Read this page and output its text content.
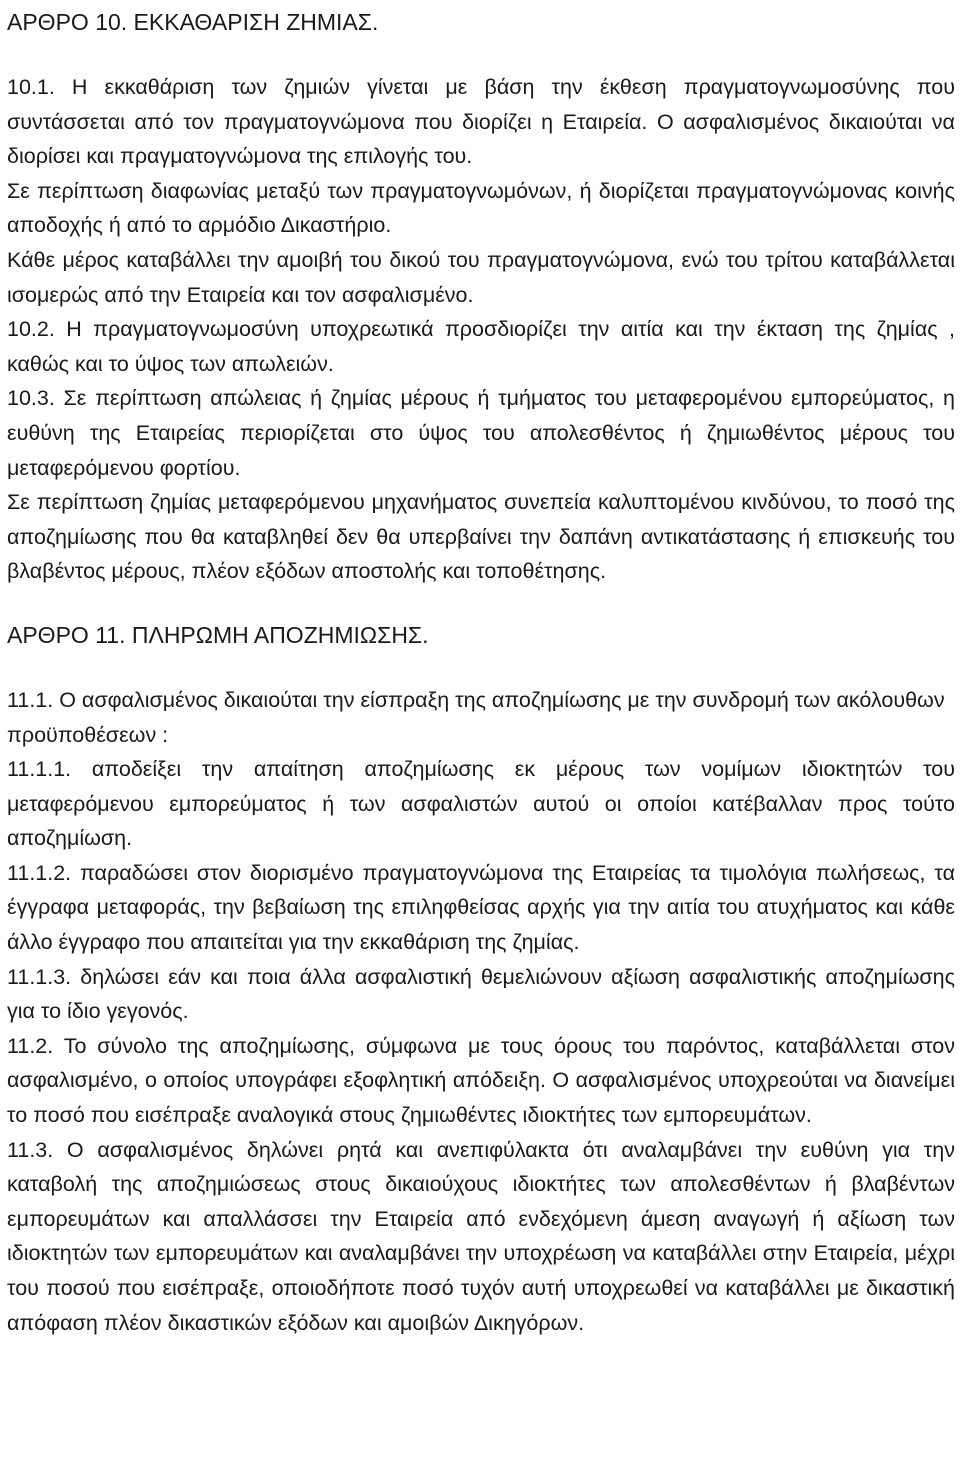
ΑΡΘΡΟ 10. ΕΚΚΑΘΑΡΙΣΗ ΖΗΜΙΑΣ.

10.1. Η εκκαθάριση των ζημιών γίνεται με βάση την έκθεση πραγματογνωμοσύνης που συντάσσεται από τον πραγματογνώμονα που διορίζει η Εταιρεία. Ο ασφαλισμένος δικαιούται να διορίσει και πραγματογνώμονα της επιλογής του.

Σε περίπτωση διαφωνίας μεταξύ των πραγματογνωμόνων, ή διορίζεται πραγματογνώμονας κοινής αποδοχής ή από το αρμόδιο Δικαστήριο.

Κάθε μέρος καταβάλλει την αμοιβή του δικού του πραγματογνώμονα, ενώ του τρίτου καταβάλλεται ισομερώς από την Εταιρεία και τον ασφαλισμένο.

10.2. Η πραγματογνωμοσύνη υποχρεωτικά προσδιορίζει την αιτία και την έκταση της ζημίας , καθώς και το ύψος των απωλειών.

10.3. Σε περίπτωση απώλειας ή ζημίας μέρους ή τμήματος του μεταφερομένου εμπορεύματος, η ευθύνη της Εταιρείας περιορίζεται στο ύψος του απολεσθέντος ή ζημιωθέντος μέρους του μεταφερόμενου φορτίου.

Σε περίπτωση ζημίας μεταφερόμενου μηχανήματος συνεπεία καλυπτομένου κινδύνου, το ποσό της αποζημίωσης που θα καταβληθεί δεν θα υπερβαίνει την δαπάνη αντικατάστασης ή επισκευής του βλαβέντος μέρους, πλέον εξόδων αποστολής και τοποθέτησης.

ΑΡΘΡΟ 11. ΠΛΗΡΩΜΗ ΑΠΟΖΗΜΙΩΣΗΣ.

11.1. Ο ασφαλισμένος δικαιούται την είσπραξη της αποζημίωσης με την συνδρομή των ακόλουθων προϋποθέσεων :

11.1.1. αποδείξει την απαίτηση αποζημίωσης εκ μέρους των νομίμων ιδιοκτητών του μεταφερόμενου εμπορεύματος ή των ασφαλιστών αυτού οι οποίοι κατέβαλλαν προς τούτο αποζημίωση.

11.1.2. παραδώσει στον διορισμένο πραγματογνώμονα της Εταιρείας τα τιμολόγια πωλήσεως, τα έγγραφα μεταφοράς, την βεβαίωση της επιληφθείσας αρχής για την αιτία του ατυχήματος και κάθε άλλο έγγραφο που απαιτείται για την εκκαθάριση της ζημίας.

11.1.3. δηλώσει εάν και ποια άλλα ασφαλιστική θεμελιώνουν αξίωση ασφαλιστικής αποζημίωσης για το ίδιο γεγονός.

11.2. Το σύνολο της αποζημίωσης, σύμφωνα με τους όρους του παρόντος, καταβάλλεται στον ασφαλισμένο, ο οποίος υπογράφει εξοφλητική απόδειξη. Ο ασφαλισμένος υποχρεούται να διανείμει το ποσό που εισέπραξε αναλογικά στους ζημιωθέντες ιδιοκτήτες των εμπορευμάτων.

11.3. Ο ασφαλισμένος δηλώνει ρητά και ανεπιφύλακτα ότι αναλαμβάνει την ευθύνη για την καταβολή της αποζημιώσεως στους δικαιούχους ιδιοκτήτες των απολεσθέντων ή βλαβέντων εμπορευμάτων και απαλλάσσει την Εταιρεία από ενδεχόμενη άμεση αναγωγή ή αξίωση των ιδιοκτητών των εμπορευμάτων και αναλαμβάνει την υποχρέωση να καταβάλλει στην Εταιρεία, μέχρι του ποσού που εισέπραξε, οποιοδήποτε ποσό τυχόν αυτή υποχρεωθεί να καταβάλλει με δικαστική απόφαση πλέον δικαστικών εξόδων και αμοιβών Δικηγόρων.
